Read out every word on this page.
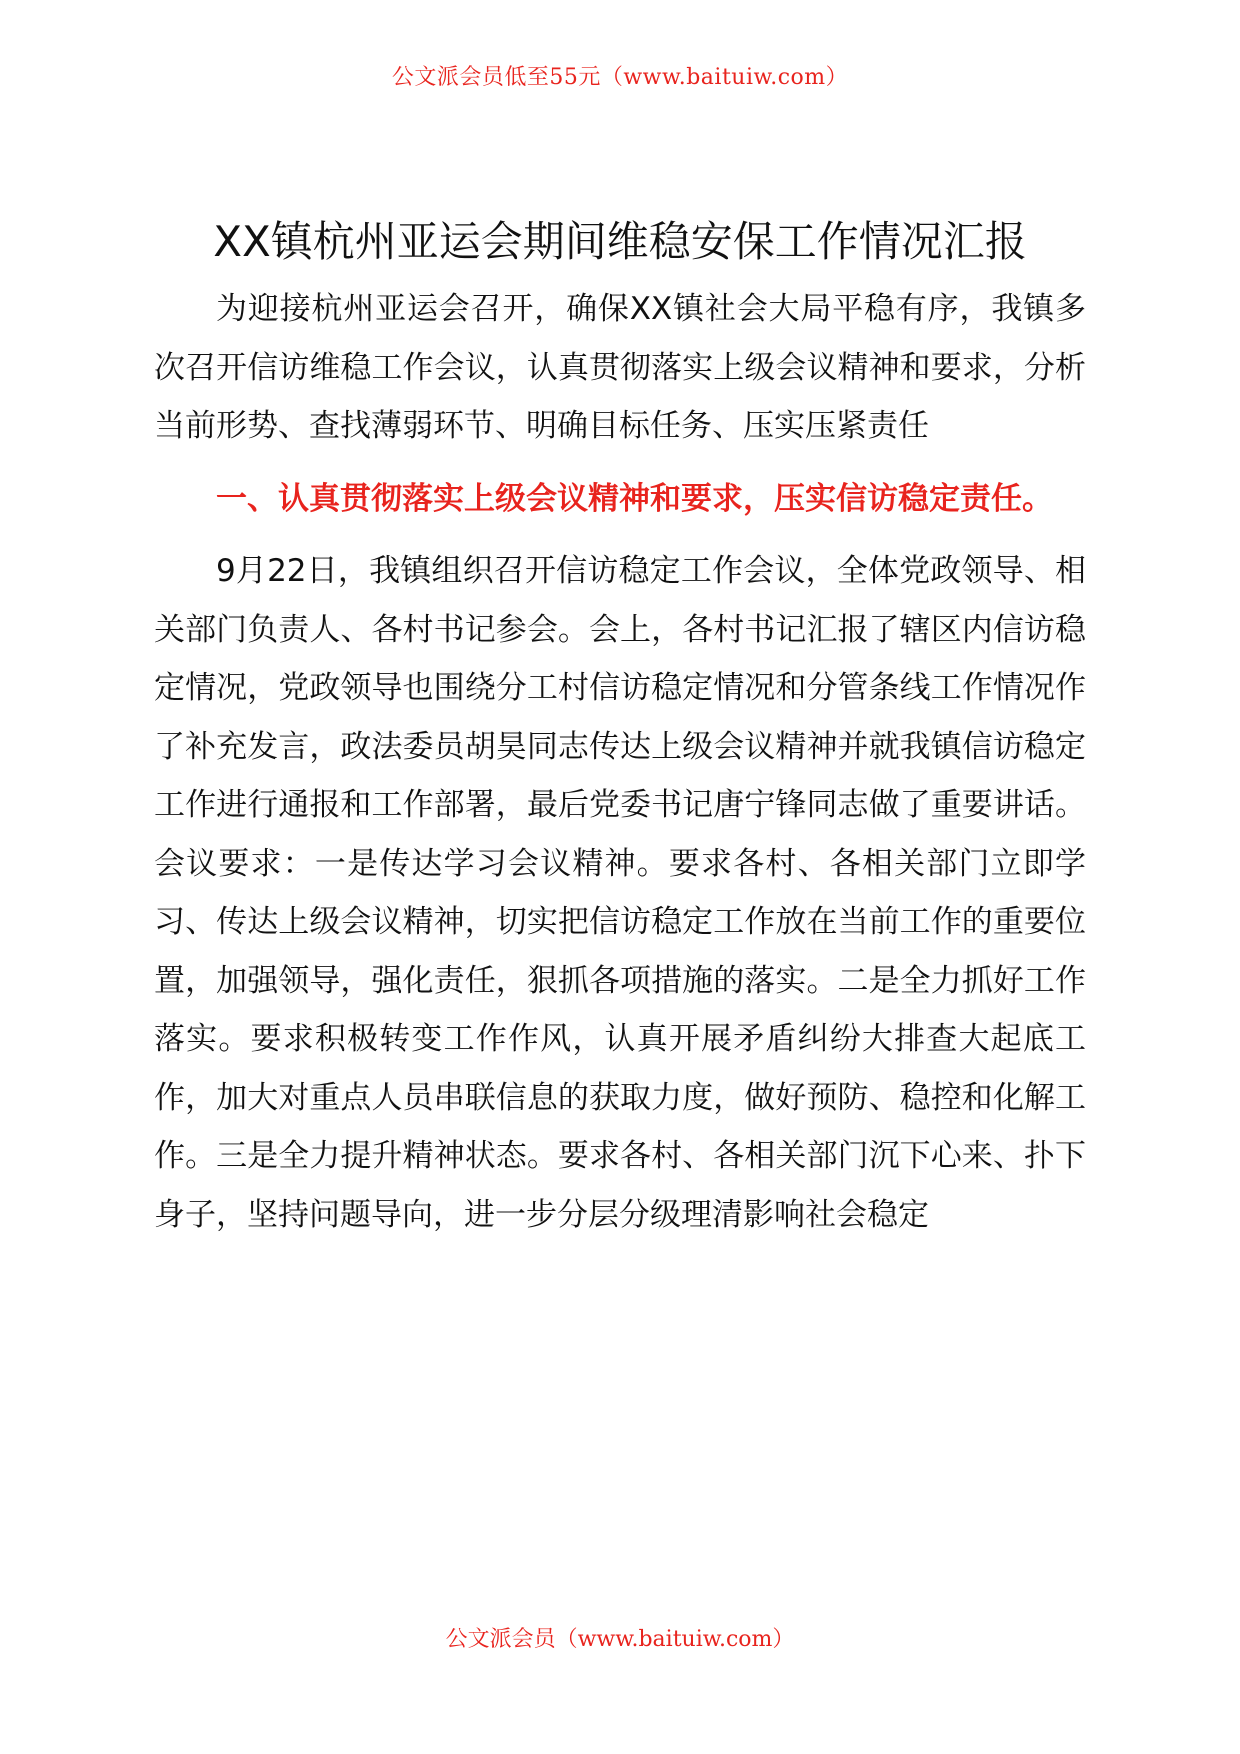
公文派会员低至55元（www.baituiw.com）
XX镇杭州亚运会期间维稳安保工作情况汇报

为迎接杭州亚运会召开，确保XX镇社会大局平稳有序，我镇多次召开信访维稳工作会议，认真贯彻落实上级会议精神和要求，分析当前形势、查找薄弱环节、明确目标任务、压实压紧责任

一、认真贯彻落实上级会议精神和要求，压实信访稳定责任。

9月22日，我镇组织召开信访稳定工作会议，全体党政领导、相关部门负责人、各村书记参会。会上，各村书记汇报了辖区内信访稳定情况，党政领导也围绕分工村信访稳定情况和分管条线工作情况作了补充发言，政法委员胡昊同志传达上级会议精神并就我镇信访稳定工作进行通报和工作部署，最后党委书记唐宁锋同志做了重要讲话。会议要求：一是传达学习会议精神。要求各村、各相关部门立即学习、传达上级会议精神，切实把信访稳定工作放在当前工作的重要位置，加强领导，强化责任，狠抓各项措施的落实。二是全力抓好工作落实。要求积极转变工作作风，认真开展矛盾纠纷大排查大起底工作，加大对重点人员串联信息的获取力度，做好预防、稳控和化解工作。三是全力提升精神状态。要求各村、各相关部门沉下心来、扑下身子，坚持问题导向，进一步分层分级理清影响社会稳定

公文派会员（www.baituiw.com）
